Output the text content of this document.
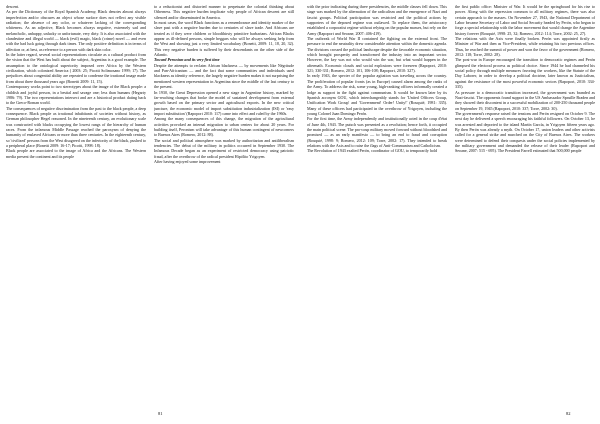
descent.

As per the Dictionary of the Royal Spanish Academy, Black denotes almost always imperfection and/or obscures an object whose surface does not reflect any visible radiation; the absence of any color, or whatever lacking of the corresponding whiteness. As an adjective, Black becomes always negative, extremely sad and melancholic, unhappy, unlucky or unfortunate, very dirty. It is also associated with the clandestine and illegal world — black (evil) magic, black (crime) novel — and even with the bad luck going through dark times. The only positive definition is in terms of affection or, at best, as reference to a person with dark skin color.

In the latter regard, several social representations circulate as a cultural product from the vision that the West has built about the subject, Argentina is a good example. The assumption to the ontological superiority imposed over Africa by the Western civilization, which colonized America ( 2003: 25; Picotti Solimosano 1999; 17). The prejudices about congenital ability are repeated to condense the irrational image made from about three thousand years ago (Bonetti 2009: 11, 15).

Contemporary works point to two stereotypes about the image of the Black people: a childish and joyful person, in a bestial and savage one; less than humans (Hegarty 1986: 79). The two representations intersect and are a historical product dating back to the Greco-Roman world.

The consequences of negative discrimination from the past to the black people, a deep consequence. Black people as irrational inhabitants of societies without history, as German philosopher Hegel reasoned. In the nineteenth century, an evolutionary scale was constructed with blacks occupying the lowest rungs of the hierarchy of human races. From the infamous Middle Passage reached the paroxysm of denying the humanity of enslaved Africans or more than three centuries. In the eighteenth century, so 'civilized' persons from the West disagreed on the inferiority of the black, pushed to a peripheral place (Bonetti 2009: 16-17; Picotti, 1998: 18).

Black people are associated to the image of Africa and the Africans. The Western media present the continent and its people

to a reductionist and distorted manner to perpetuate the colonial thinking about Otherness. This negative burden implicate why people of African descent are still silenced and/or disseminated in America.

In most cases, the word Black functions as a remembrance and identity marker of the slave past with a negative burden due to centuries of slave trade. And Africans are treated as if they were children or bloodthirsty primitive barbarians. African Blacks appear as ill-defined persons, simple beggars who will be always seeking help from the West and showing just a very limited vocabulary (Bonetti, 2009: 11, 18, 20, 32). This very negative burden is suffered by their descendants on the other side of the Atlantic.

Toward Peronism and its very first time

Despite the attempts to reclaim African blackness — by movements like Négritude and Pan-Africanism — and the fact that some communities and individuals used blackness as identity reference, the largely negative burden makes it not surprising the mentioned western representation in Argentina since the middle of the last century to the present.

In 1930, the Great Depression opened a new stage in Argentine history, marked by far-reaching changes that broke the model of sustained development from external growth based on the primary sector and agricultural exports. In the new critical juncture, the economic model of import substitution industrialization (ISI) or 'easy import substitution' (Rapoport 2010: 117) came into effect and ruled by the 1960s.

Among the many consequences of this change, the migration of the agricultural activities provoked an internal migration to urban centers for about 20 years. For building itself, Peronism will take advantage of this human contingent of newcomers to Buenos Aires (Romero, 2012: 88).

The social and political atmosphere was marked by authoritarian and antiliberalism tendencies. The debut of the military in politics occurred in September 1930. The Infamous Decade began as an experiment of restricted democracy using patriotic fraud, after the overthrow of the radical president Hipólito Yrigoyen.

After having enjoyed some improvement

81

with the prior indicating during three presidencies, the middle classes fell down. This stage was marked by the alternation of the radicalism and the emergence of Nazi and fascist groups. Political participation was restricted and the political actions by supporters of the deposed regime was outlawed. To replace them, the aristocracy established a corporatist regime without relying on the popular masses, but rely on the Army (Rapoport and Seoane, 2007: 406-419).

The outbreak of World War II contained the fighting on the external front. The pressure to end the neutrality drew considerable attention within the domestic agenda. The divisions crossed the political landscape despite the favorable economic situation, which brought prosperity and transformed the industry into an important sector. However, the key was not who would win the war, but what would happen in the aftermath. Economic clouds and social explosions were foreseen (Rapoport, 2010: 321; 330-331; Romero, 2012: 101, 106-108; Rapoport, 2010: 327).

In early 1943, the specter of the popular agitation was traveling across the country. The proliferation of popular fronts (as in Europe) caused alarm among the ranks of the Army. To address the risk, some young, high-ranking officers informally created a lodge as support in the fight against communism. It would be known later by its Spanish acronym GOU, which interchangeably stands for 'United Officers Group, Unification Work Group' and 'Government! Order! Unity!' (Rouquié, 1981: 335). Many of these officers had participated in the overthrow of Yrigoyen, including the young Colonel Juan Domingo Perón.

For the first time, the Army independently and institutionally acted in the coup d'état of June 4th, 1943. The putsch was presented as a revolution; hence forth, it occupied the main political scene. The pro-coup military moved forward without bloodshed and promised — as an early manifesto — to bring an end to fraud and corruption (Rouquié, 1998: 9; Romero, 2012: 109; Torre, 2002: 17). They intended to break relations with the Axis and to raise the flags of Anti-Communism and Catholicism.

The Revolution of 1943 exalted Perón, coordinator of GOU, to temporarily hold

the first public office: Minister of War. It would be the springboard for his rise to power. Along with the repression common to all military regimes, there was also certain approach to the masses. On November 27, 1943, the National Department of Labor became Secretary of Labor and Social Security headed by Perón, who began to forge a special relationship with the labor movement that would change the Argentine history forever (Rouquié, 1998: 25, 32; Romero, 2012: 114; Torre, 2002: 25, 27).

The relations with the Axis were finally broken. Perón was appointed firstly as Minister of War and then as Vice-President, while retaining his two previous offices. Thus, he reached the summit of power and won the favor of the government (Romero, 2012: 118; Torre, 2002: 28).

The post-war in Europe encouraged the transition to democratic regimes and Perón glimpsed the electoral process as political choice. Since 1944 he had channeled his social policy through multiple measures favoring the workers, like the Statute of the Day Laborer, in order to develop a political doctrine, later known as Justicialism, against the resistance of the most powerful economic sectors (Rapoport, 2010: 334-335).

As pressure to a democratic transition increased, the government was branded as Nazi-fascist. The opponents found support in the US Ambassador Spruille Braden and they showed their discontent in a successful mobilization of 200-250 thousand people on September 19, 1945 (Rapoport, 2010: 337; Torre, 2002: 30).

The government's response raised the tensions and Perón resigned on October 9. The next day he delivered a speech encouraging his faithful followers. On October 13, he was arrested and deported to the island Martín García, in Yrigoyen fifteen years ago. By then Perón was already a myth. On October 17, union leaders and other activists called for a general strike and marched on the City of Buenos Aires. The workers were determined to defend their conquests under the social policies implemented by the military government and demanded the release of their leader (Rapoport and Seoane, 2007: 515 - 695). The President Farrell estimated that 500,000 people

82
